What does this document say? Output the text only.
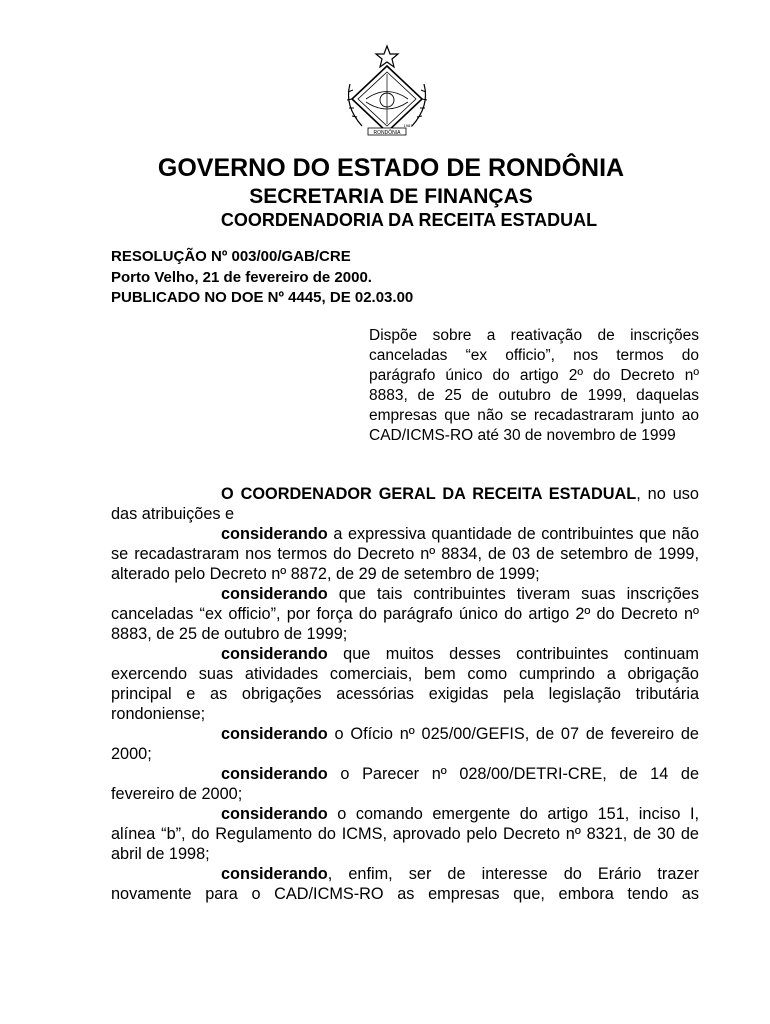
RONDÔNIA
1981
GOVERNO DO ESTADO DE RONDÔNIA
SECRETARIA DE FINANÇAS
COORDENADORIA DA RECEITA ESTADUAL
RESOLUÇÃO Nº 003/00/GAB/CRE
Porto Velho, 21 de fevereiro de 2000.
PUBLICADO NO DOE Nº 4445, DE 02.03.00
Dispõe sobre a reativação de inscrições canceladas “ex officio”, nos termos do parágrafo único do artigo 2º do Decreto nº 8883, de 25 de outubro de 1999, daquelas empresas que não se recadastraram junto ao CAD/ICMS-RO até 30 de novembro de 1999

O COORDENADOR GERAL DA RECEITA ESTADUAL, no uso das atribuições e

considerando a expressiva quantidade de contribuintes que não se recadastraram nos termos do Decreto nº 8834, de 03 de setembro de 1999, alterado pelo Decreto nº 8872, de 29 de setembro de 1999;

considerando que tais contribuintes tiveram suas inscrições canceladas “ex officio”, por força do parágrafo único do artigo 2º do Decreto nº 8883, de 25 de outubro de 1999;

considerando que muitos desses contribuintes continuam exercendo suas atividades comerciais, bem como cumprindo a obrigação principal e as obrigações acessórias exigidas pela legislação tributária rondoniense;

considerando o Ofício nº 025/00/GEFIS, de 07 de fevereiro de 2000;

considerando o Parecer nº 028/00/DETRI-CRE, de 14 de fevereiro de 2000;

considerando o comando emergente do artigo 151, inciso I, alínea “b”, do Regulamento do ICMS, aprovado pelo Decreto nº 8321, de 30 de abril de 1998;

considerando, enfim, ser de interesse do Erário trazer novamente para o CAD/ICMS-RO as empresas que, embora tendo as
